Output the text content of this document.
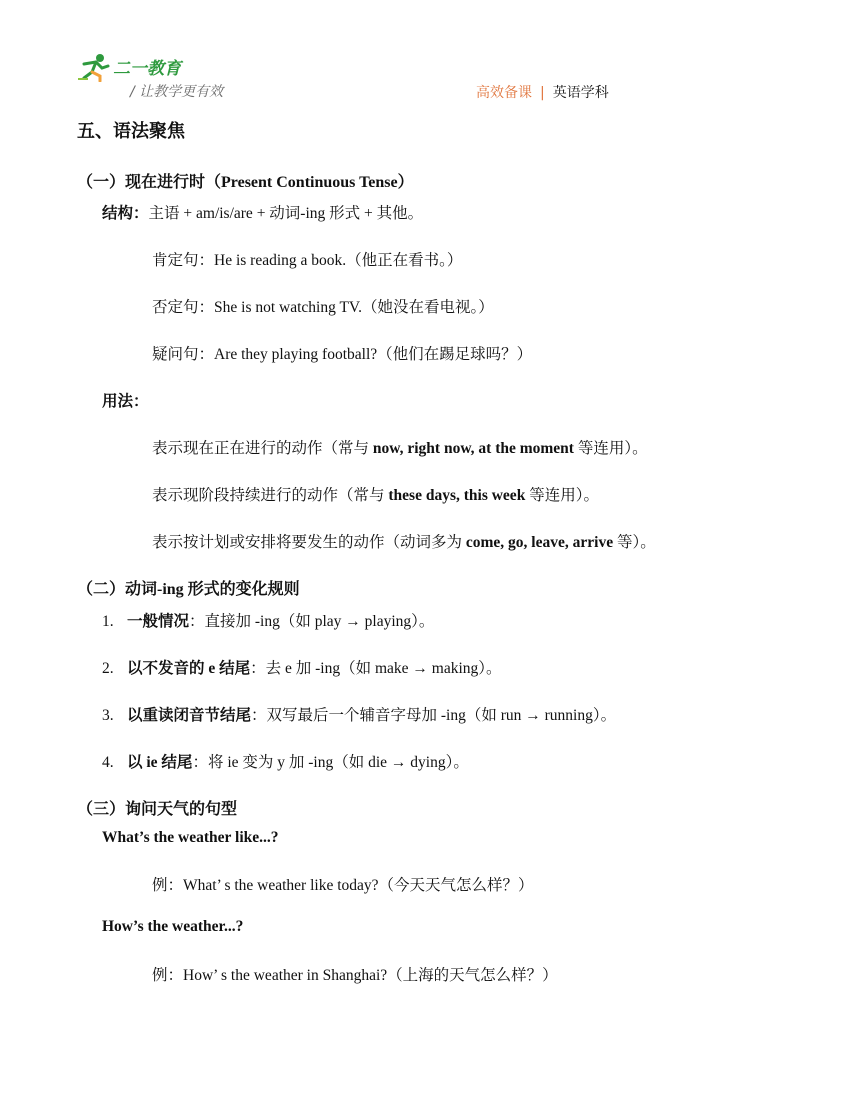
二一教育
/ 让教学更有效	高效备课 | 英语学科
五、语法聚焦
（一）现在进行时（Present Continuous Tense）
结构：主语 + am/is/are + 动词-ing 形式 + 其他。
肯定句：He is reading a book.（他正在看书。）
否定句：She is not watching TV.（她没在看电视。）
疑问句：Are they playing football?（他们在踢足球吗？）
用法：
表示现在正在进行的动作（常与 now, right now, at the moment 等连用）。
表示现阶段持续进行的动作（常与 these days, this week 等连用）。
表示按计划或安排将要发生的动作（动词多为 come, go, leave, arrive 等）。
（二）动词-ing 形式的变化规则
1. 一般情况：直接加 -ing（如 play → playing）。
2. 以不发音的 e 结尾：去 e 加 -ing（如 make → making）。
3. 以重读闭音节结尾：双写最后一个辅音字母加 -ing（如 run → running）。
4. 以 ie 结尾：将 ie 变为 y 加 -ing（如 die → dying）。
（三）询问天气的句型
What’s the weather like...?
例：What’ s the weather like today?（今天天气怎么样？）
How’s the weather...?
例：How’ s the weather in Shanghai?（上海的天气怎么样？）
